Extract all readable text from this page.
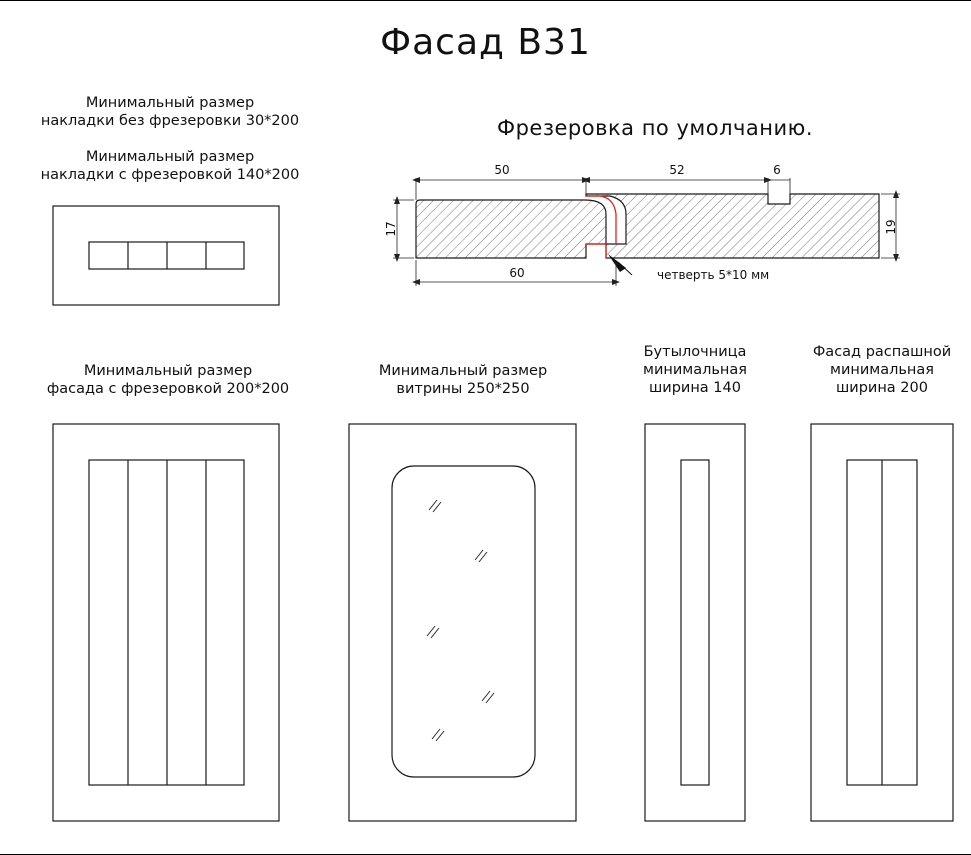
Фасад В31
Минимальный размер
накладки без фрезеровки 30*200
Минимальный размер
накладки с фрезеровкой 140*200
Фрезеровка по умолчанию.
50	52	6
60
17	19
четверть 5*10 мм
Минимальный размер
фасада с фрезеровкой 200*200
Минимальный размер
витрины 250*250
Бутылочница
минимальная
ширина 140
Фасад распашной
минимальная
ширина 200
